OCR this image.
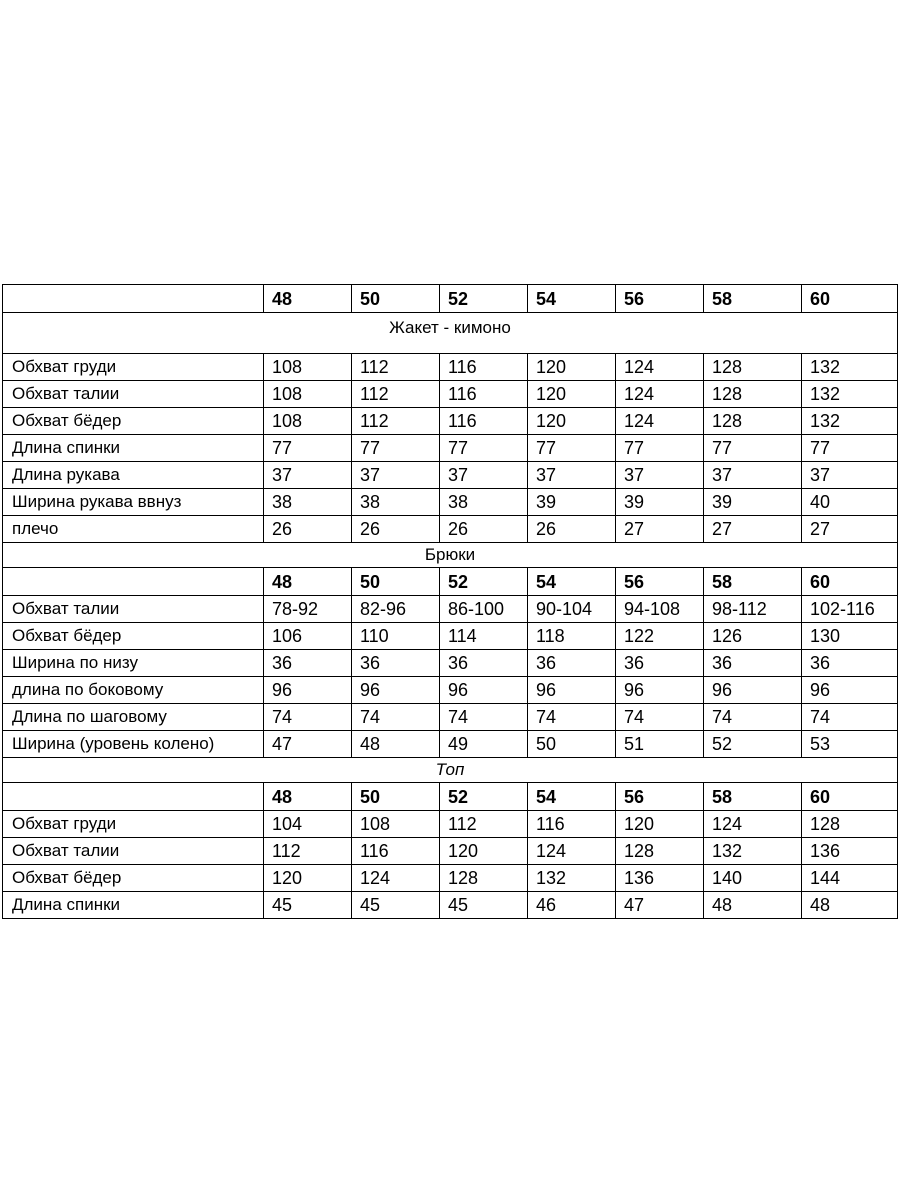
	48	50	52	54	56	58	60
Жакет - кимоно							
Обхват груди	108	112	116	120	124	128	132
Обхват талии	108	112	116	120	124	128	132
Обхват бёдер	108	112	116	120	124	128	132
Длина спинки	77	77	77	77	77	77	77
Длина рукава	37	37	37	37	37	37	37
Ширина рукава ввнуз	38	38	38	39	39	39	40
плечо	26	26	26	26	27	27	27
Брюки							
	48	50	52	54	56	58	60
Обхват талии	78-92	82-96	86-100	90-104	94-108	98-112	102-116
Обхват бёдер	106	110	114	118	122	126	130
Ширина по низу	36	36	36	36	36	36	36
длина по боковому	96	96	96	96	96	96	96
Длина по шаговому	74	74	74	74	74	74	74
Ширина (уровень колено)	47	48	49	50	51	52	53
Топ							
	48	50	52	54	56	58	60
Обхват груди	104	108	112	116	120	124	128
Обхват талии	112	116	120	124	128	132	136
Обхват бёдер	120	124	128	132	136	140	144
Длина спинки	45	45	45	46	47	48	48
